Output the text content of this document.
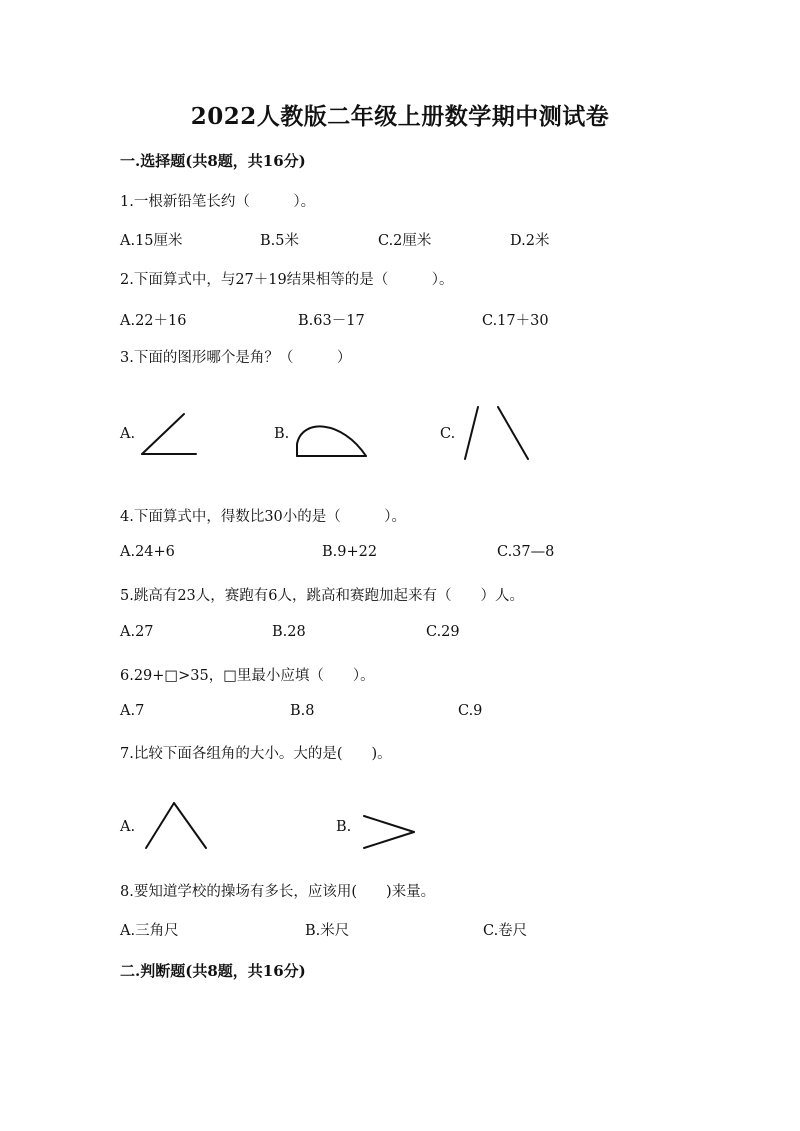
2022人教版二年级上册数学期中测试卷
一.选择题(共8题，共16分)
1.一根新铅笔长约（　　　）。
A.15厘米	B.5米	C.2厘米	D.2米
2.下面算式中，与27＋19结果相等的是（　　　）。
A.22＋16	B.63－17	C.17＋30
3.下面的图形哪个是角？（　　　）
A.	B.	C.
4.下面算式中，得数比30小的是（　　　）。
A.24+6	B.9+22	C.37—8
5.跳高有23人，赛跑有6人，跳高和赛跑加起来有（　　）人。
A.27	B.28	C.29
6.29+□>35，□里最小应填（　　）。
A.7	B.8	C.9
7.比较下面各组角的大小。大的是(　　)。
A.	B.
8.要知道学校的操场有多长，应该用(　　)来量。
A.三角尺	B.米尺	C.卷尺
二.判断题(共8题，共16分)
